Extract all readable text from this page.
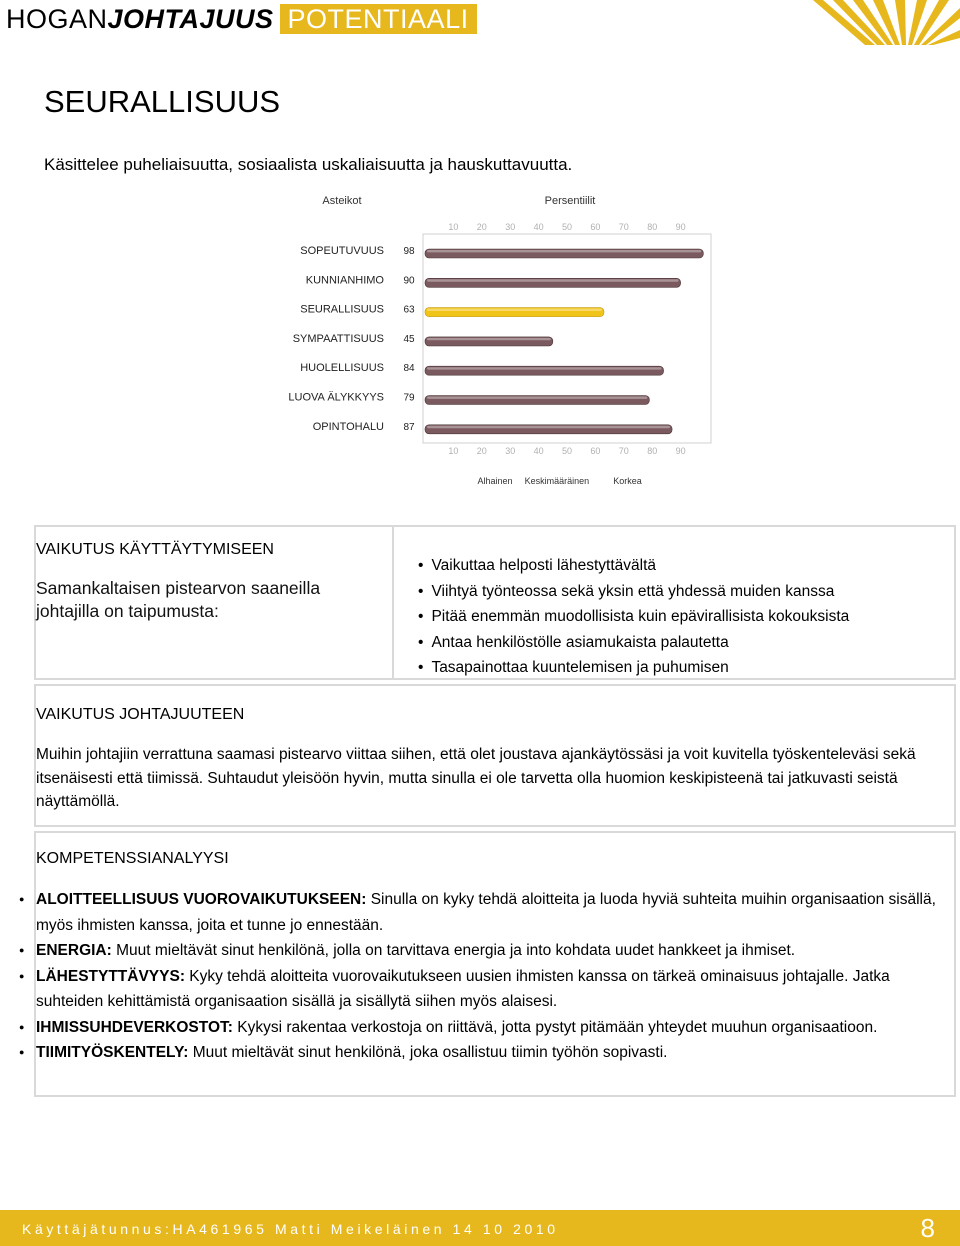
HOGANJOHTAJUUS POTENTIAALI
SEURALLISUUS
Käsittelee puheliaisuutta, sosiaalista uskaliaisuutta ja hauskuttavuutta.
Asteikot	Persentiilit
10
10
20
20
30
30
40
40
50
50
60
60
70
70
80
80
90
90
Alhainen Keskimääräinen	Korkea
SOPEUTUVUUS 98
KUNNIANHIMO 90
SEURALLISUUS 63
SYMPAATTISUUS 45
HUOLELLISUUS 84
LUOVA ÄLYKKYYS 79
OPINTOHALU 87
VAIKUTUS KÄYTTÄYTYMISEEN
Samankaltaisen pistearvon saaneilla johtajilla on taipumusta:
• Vaikuttaa helposti lähestyttävältä
• Viihtyä työnteossa sekä yksin että yhdessä muiden kanssa
• Pitää enemmän muodollisista kuin epävirallisista kokouksista
• Antaa henkilöstölle asiamukaista palautetta
• Tasapainottaa kuuntelemisen ja puhumisen
VAIKUTUS JOHTAJUUTEEN
Muihin johtajiin verrattuna saamasi pistearvo viittaa siihen, että olet joustava ajankäytössäsi ja voit kuvitella työskenteleväsi sekä itsenäisesti että tiimissä. Suhtaudut yleisöön hyvin, mutta sinulla ei ole tarvetta olla huomion keskipisteenä tai jatkuvasti seistä näyttämöllä.
KOMPETENSSIANALYYSI
● ALOITTEELLISUUS VUOROVAIKUTUKSEEN: Sinulla on kyky tehdä aloitteita ja luoda hyviä suhteita muihin organisaation sisällä, myös ihmisten kanssa, joita et tunne jo ennestään.
● ENERGIA: Muut mieltävät sinut henkilönä, jolla on tarvittava energia ja into kohdata uudet hankkeet ja ihmiset.
● LÄHESTYTTÄVYYS: Kyky tehdä aloitteita vuorovaikutukseen uusien ihmisten kanssa on tärkeä ominaisuus johtajalle. Jatka suhteiden kehittämistä organisaation sisällä ja sisällytä siihen myös alaisesi.
● IHMISSUHDEVERKOSTOT: Kykysi rakentaa verkostoja on riittävä, jotta pystyt pitämään yhteydet muuhun organisaatioon.
● TIIMITYÖSKENTELY: Muut mieltävät sinut henkilönä, joka osallistuu tiimin työhön sopivasti.
Käyttäjätunnus:HA461965 Matti Meikeläinen 14 10 2010	8
